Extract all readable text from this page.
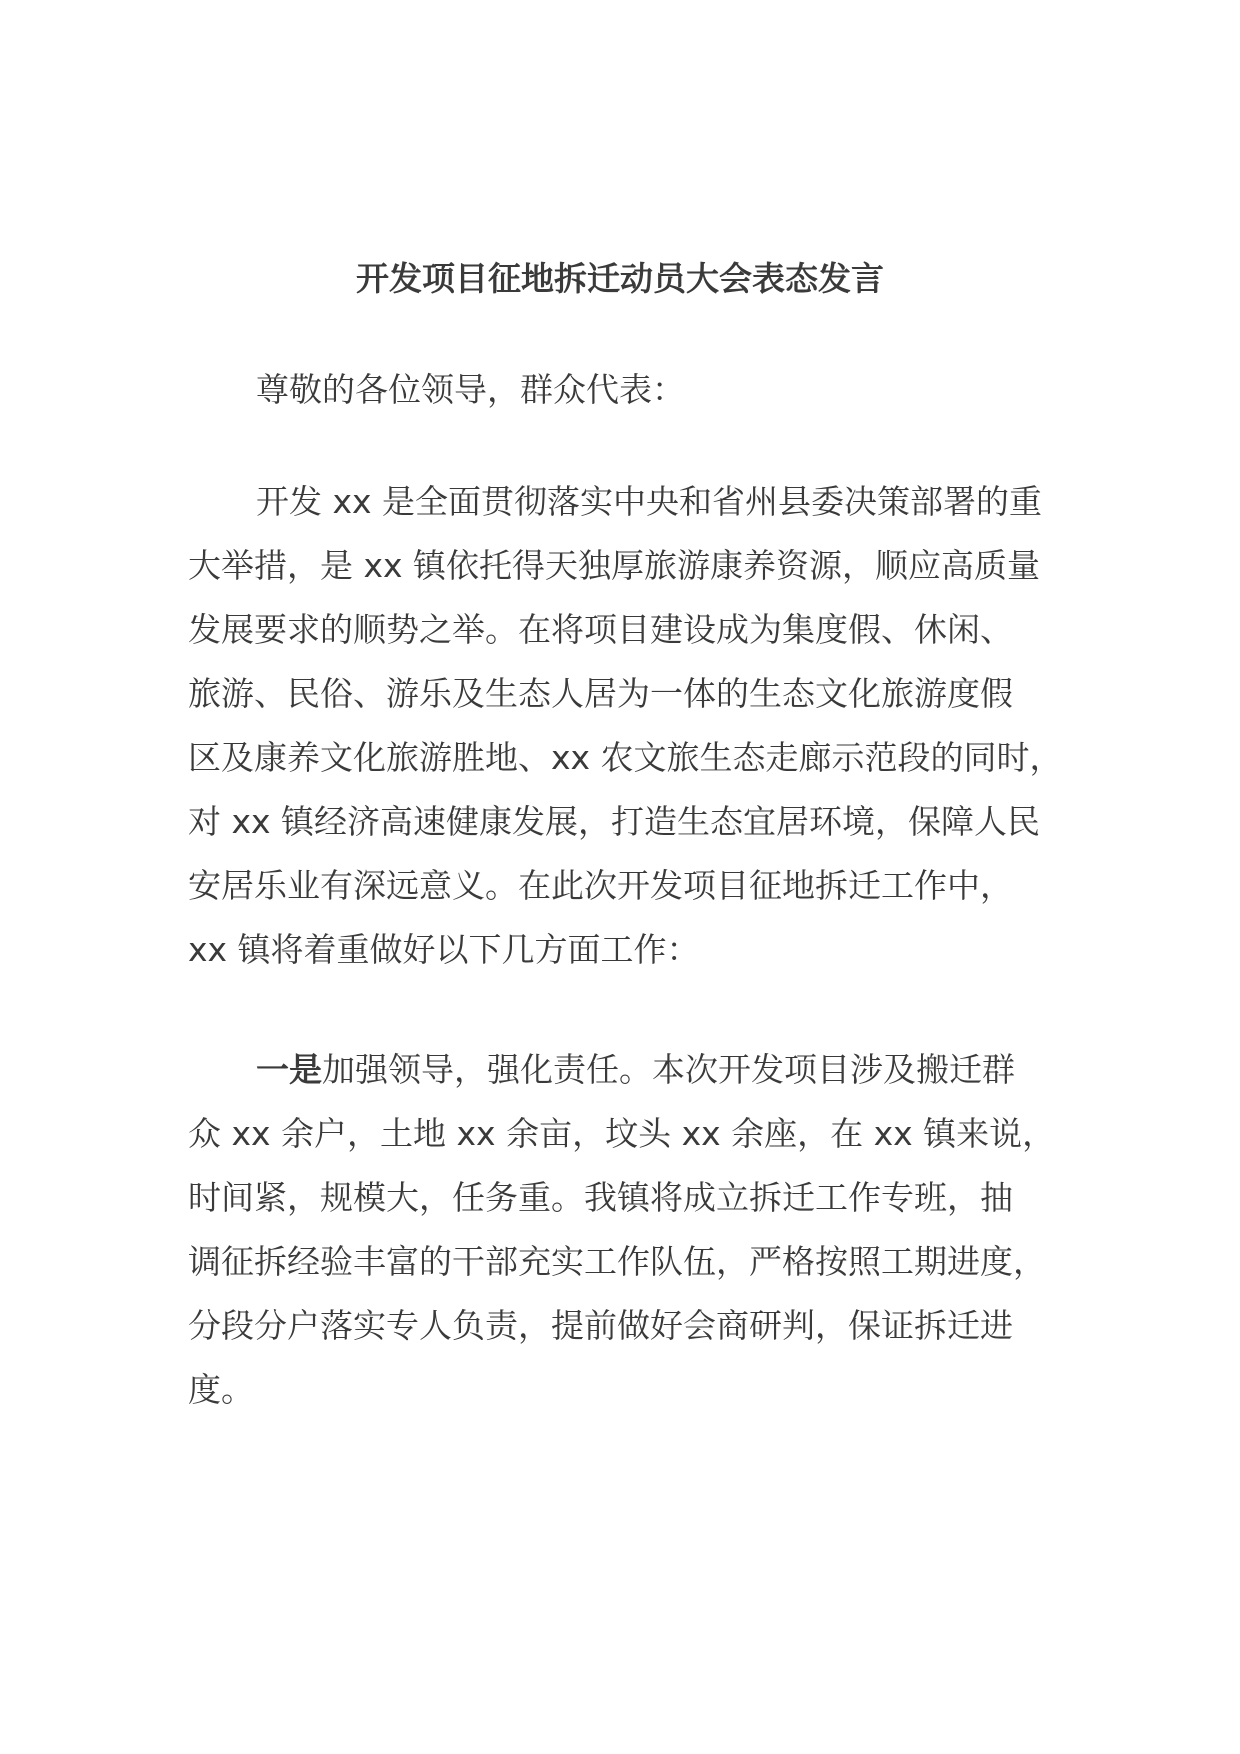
开发项目征地拆迁动员大会表态发言
尊敬的各位领导，群众代表：
开发 xx 是全面贯彻落实中央和省州县委决策部署的重
大举措，是 xx 镇依托得天独厚旅游康养资源，顺应高质量
发展要求的顺势之举。在将项目建设成为集度假、休闲、
旅游、民俗、游乐及生态人居为一体的生态文化旅游度假
区及康养文化旅游胜地、xx 农文旅生态走廊示范段的同时，
对 xx 镇经济高速健康发展，打造生态宜居环境，保障人民
安居乐业有深远意义。在此次开发项目征地拆迁工作中，
xx 镇将着重做好以下几方面工作：
一是加强领导，强化责任。本次开发项目涉及搬迁群
众 xx 余户，土地 xx 余亩，坟头 xx 余座，在 xx 镇来说，
时间紧，规模大，任务重。我镇将成立拆迁工作专班，抽
调征拆经验丰富的干部充实工作队伍，严格按照工期进度，
分段分户落实专人负责，提前做好会商研判，保证拆迁进
度。
